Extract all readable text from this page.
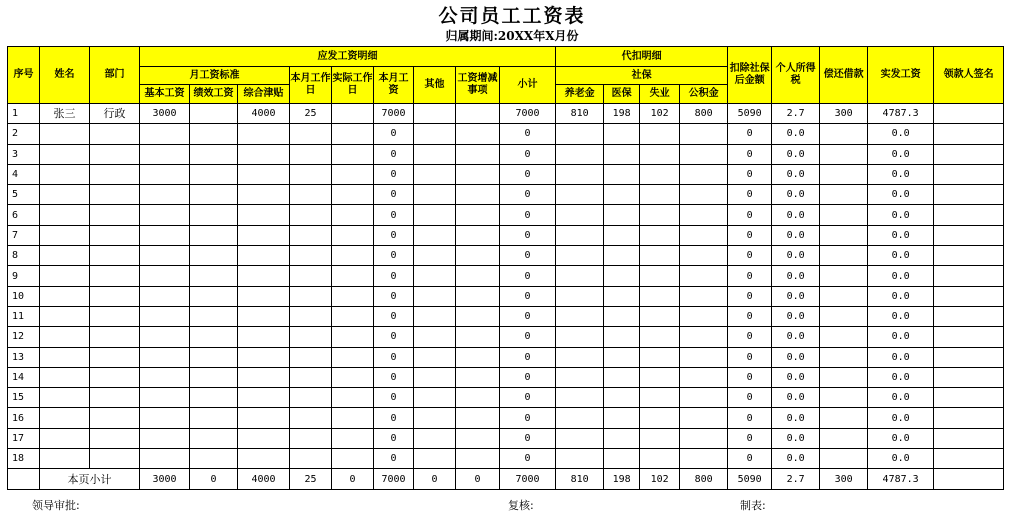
公司员工工资表
归属期间:20XX年X月份
序号	姓名	部门	应发工资明细									代扣明细				扣除社保后金额	个人所得税	偿还借款	实发工资	领款人签名
			月工资标准			本月工作日	实际工作日	本月工资	其他	工资增减事项	小计	社保								
			基本工资	绩效工资	综合津贴							养老金	医保	失业	公积金					
1	张三	行政	3000		4000	25		7000			7000	810	198	102	800	5090	2.7	300	4787.3	
2								0			0					0	0.0		0.0	
3								0			0					0	0.0		0.0	
4								0			0					0	0.0		0.0	
5								0			0					0	0.0		0.0	
6								0			0					0	0.0		0.0	
7								0			0					0	0.0		0.0	
8								0			0					0	0.0		0.0	
9								0			0					0	0.0		0.0	
10								0			0					0	0.0		0.0	
11								0			0					0	0.0		0.0	
12								0			0					0	0.0		0.0	
13								0			0					0	0.0		0.0	
14								0			0					0	0.0		0.0	
15								0			0					0	0.0		0.0	
16								0			0					0	0.0		0.0	
17								0			0					0	0.0		0.0	
18								0			0					0	0.0		0.0	
	本页小计		3000	0	4000	25	0	7000	0	0	7000	810	198	102	800	5090	2.7	300	4787.3	
领导审批:	复核:	制表:
